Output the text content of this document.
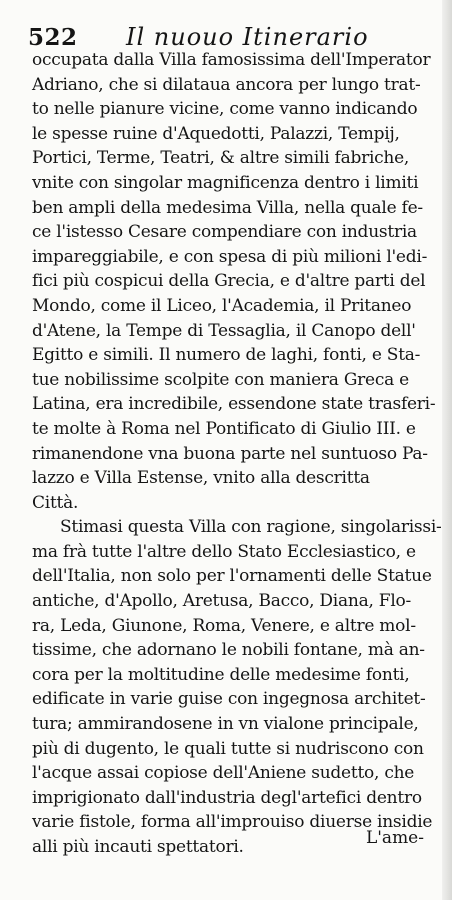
522 Il nuouo Itinerario
occupata dalla Villa famosissima dell'Imperator
Adriano, che si dilataua ancora per lungo trat-
to nelle pianure vicine, come vanno indicando
le spesse ruine d'Aquedotti, Palazzi, Tempij,
Portici, Terme, Teatri, & altre simili fabriche,
vnite con singolar magnificenza dentro i limiti
ben ampli della medesima Villa, nella quale fe-
ce l'istesso Cesare compendiare con industria
impareggiabile, e con spesa di più milioni l'edi-
fici più cospicui della Grecia, e d'altre parti del
Mondo, come il Liceo, l'Academia, il Pritaneo
d'Atene, la Tempe di Tessaglia, il Canopo dell'
Egitto e simili. Il numero de laghi, fonti, e Sta-
tue nobilissime scolpite con maniera Greca e
Latina, era incredibile, essendone state trasferi-
te molte à Roma nel Pontificato di Giulio III. e
rimanendone vna buona parte nel suntuoso Pa-
lazzo e Villa Estense, vnito alla descritta
Città.
Stimasi questa Villa con ragione, singolarissi-
ma frà tutte l'altre dello Stato Ecclesiastico, e
dell'Italia, non solo per l'ornamenti delle Statue
antiche, d'Apollo, Aretusa, Bacco, Diana, Flo-
ra, Leda, Giunone, Roma, Venere, e altre mol-
tissime, che adornano le nobili fontane, mà an-
cora per la moltitudine delle medesime fonti,
edificate in varie guise con ingegnosa architet-
tura; ammirandosene in vn vialone principale,
più di dugento, le quali tutte si nudriscono con
l'acque assai copiose dell'Aniene sudetto, che
imprigionato dall'industria degl'artefici dentro
varie fistole, forma all'improuiso diuerse insidie
alli più incauti spettatori.	L'ame-
